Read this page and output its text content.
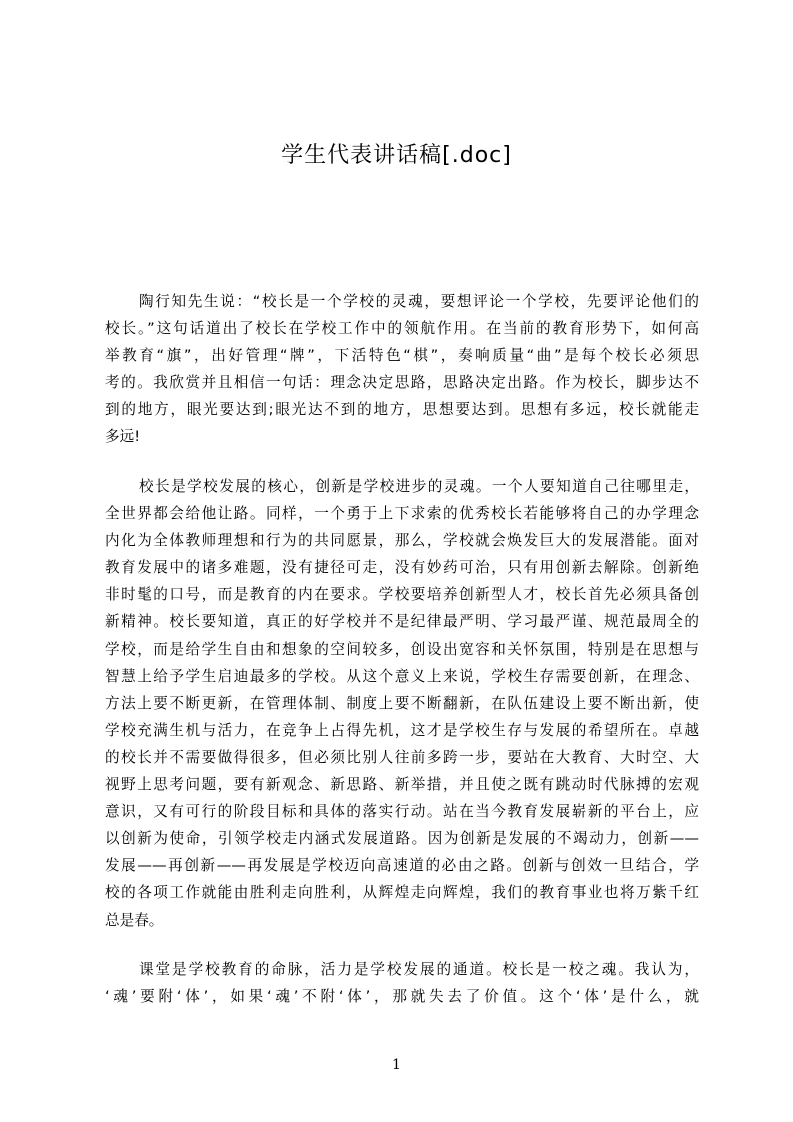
学生代表讲话稿[.doc]
陶行知先生说：“校长是一个学校的灵魂，要想评论一个学校，先要评论他们的
校长。”这句话道出了校长在学校工作中的领航作用。在当前的教育形势下，如何高
举教育“旗”，出好管理“牌”，下活特色“棋”，奏响质量“曲”是每个校长必须思
考的。我欣赏并且相信一句话：理念决定思路，思路决定出路。作为校长，脚步达不
到的地方，眼光要达到;眼光达不到的地方，思想要达到。思想有多远，校长就能走
多远!
校长是学校发展的核心，创新是学校进步的灵魂。一个人要知道自己往哪里走，
全世界都会给他让路。同样，一个勇于上下求索的优秀校长若能够将自己的办学理念
内化为全体教师理想和行为的共同愿景，那么，学校就会焕发巨大的发展潜能。面对
教育发展中的诸多难题，没有捷径可走，没有妙药可治，只有用创新去解除。创新绝
非时髦的口号，而是教育的内在要求。学校要培养创新型人才，校长首先必须具备创
新精神。校长要知道，真正的好学校并不是纪律最严明、学习最严谨、规范最周全的
学校，而是给学生自由和想象的空间较多，创设出宽容和关怀氛围，特别是在思想与
智慧上给予学生启迪最多的学校。从这个意义上来说，学校生存需要创新，在理念、
方法上要不断更新，在管理体制、制度上要不断翻新，在队伍建设上要不断出新，使
学校充满生机与活力，在竞争上占得先机，这才是学校生存与发展的希望所在。卓越
的校长并不需要做得很多，但必须比别人往前多跨一步，要站在大教育、大时空、大
视野上思考问题，要有新观念、新思路、新举措，并且使之既有跳动时代脉搏的宏观
意识，又有可行的阶段目标和具体的落实行动。站在当今教育发展崭新的平台上，应
以创新为使命，引领学校走内涵式发展道路。因为创新是发展的不竭动力，创新——
发展——再创新——再发展是学校迈向高速道的必由之路。创新与创效一旦结合，学
校的各项工作就能由胜利走向胜利，从辉煌走向辉煌，我们的教育事业也将万紫千红
总是春。
课堂是学校教育的命脉，活力是学校发展的通道。校长是一校之魂。我认为，
‘魂’要附‘体’，如果‘魂’不附‘体’，那就失去了价值。这个‘体’是什么，就
1
